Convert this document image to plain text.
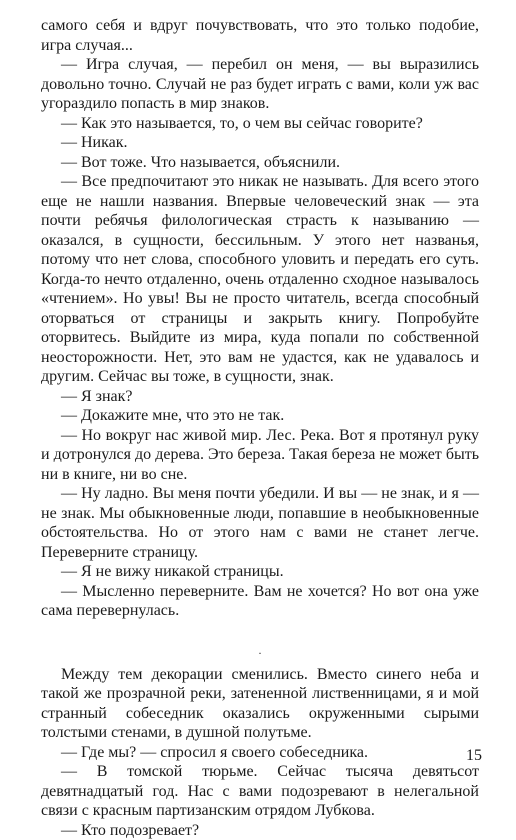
самого себя и вдруг почувствовать, что это только подобие, игра случая...

— Игра случая, — перебил он меня, — вы выразились довольно точно. Случай не раз будет играть с вами, коли уж вас угораздило попасть в мир знаков.

— Как это называется, то, о чем вы сейчас говорите?

— Никак.

— Вот тоже. Что называется, объяснили.

— Все предпочитают это никак не называть. Для всего этого еще не нашли названия. Впервые человеческий знак — эта почти ребячья филологическая страсть к называнию — оказался, в сущности, бессильным. У этого нет названья, потому что нет слова, способного уловить и передать его суть. Когда-то нечто отдаленно, очень отдаленно сходное называлось «чтением». Но увы! Вы не просто читатель, всегда способный оторваться от страницы и закрыть книгу. Попробуйте оторвитесь. Выйдите из мира, куда попали по собственной неосторожности. Нет, это вам не удастся, как не удавалось и другим. Сейчас вы тоже, в сущности, знак.

— Я знак?

— Докажите мне, что это не так.

— Но вокруг нас живой мир. Лес. Река. Вот я протянул руку и дотронулся до дерева. Это береза. Такая береза не может быть ни в книге, ни во сне.

— Ну ладно. Вы меня почти убедили. И вы — не знак, и я — не знак. Мы обыкновенные люди, попавшие в необыкновенные обстоятельства. Но от этого нам с вами не станет легче. Переверните страницу.

— Я не вижу никакой страницы.

— Мысленно переверните. Вам не хочется? Но вот она уже сама перевернулась.

·

Между тем декорации сменились. Вместо синего неба и такой же прозрачной реки, затененной лиственницами, я и мой странный собеседник оказались окруженными сырыми толстыми стенами, в душной полутьме.

— Где мы? — спросил я своего собеседника.

— В томской тюрьме. Сейчас тысяча девятьсот девятнадцатый год. Нас с вами подозревают в нелегальной связи с красным партизанским отрядом Лубкова.

— Кто подозревает?

15
